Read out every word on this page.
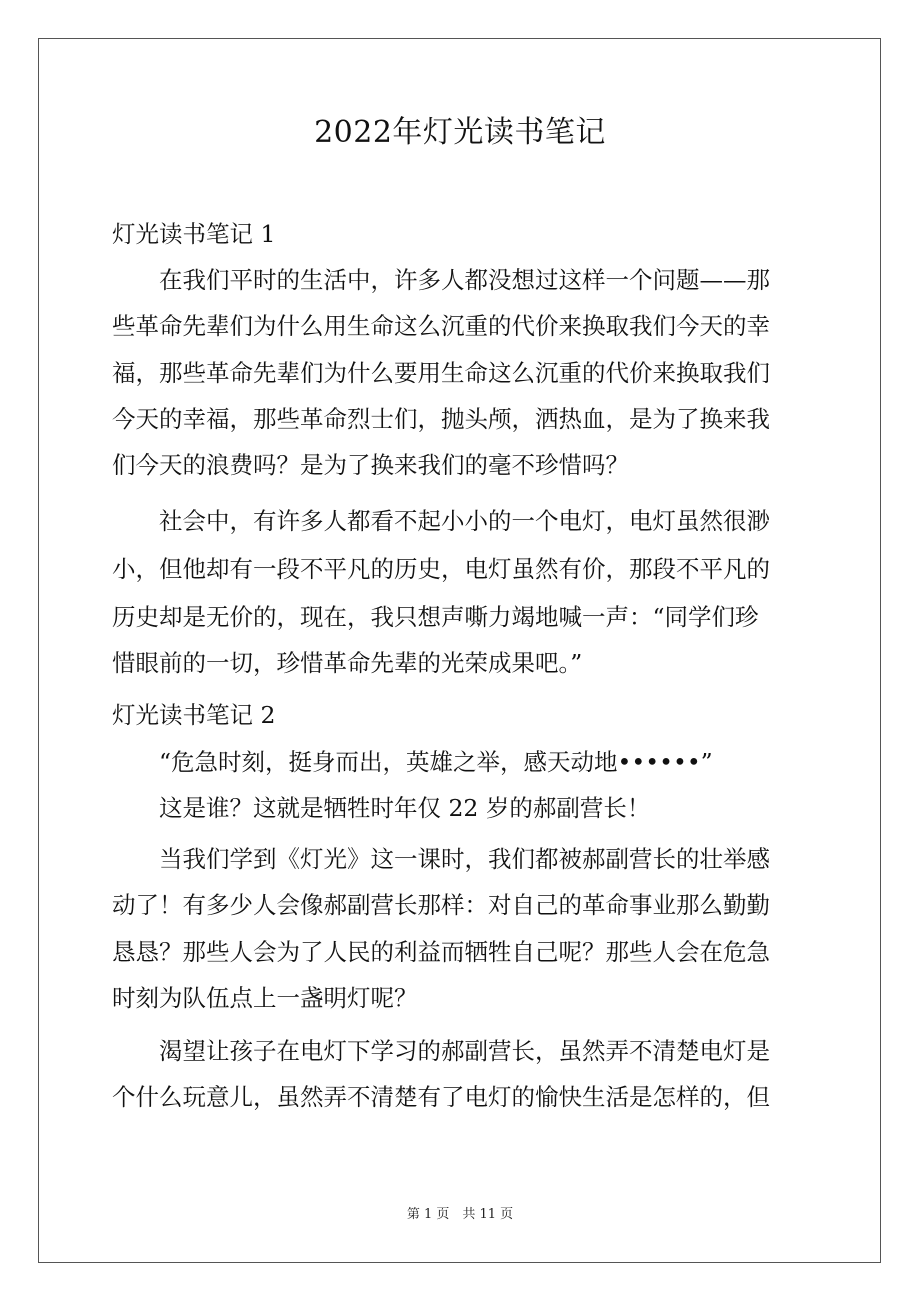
2022年灯光读书笔记
灯光读书笔记 1
　　在我们平时的生活中，许多人都没想过这样一个问题——那
些革命先辈们为什么用生命这么沉重的代价来换取我们今天的幸
福，那些革命先辈们为什么要用生命这么沉重的代价来换取我们
今天的幸福，那些革命烈士们，抛头颅，洒热血，是为了换来我
们今天的浪费吗？是为了换来我们的毫不珍惜吗？
　　社会中，有许多人都看不起小小的一个电灯，电灯虽然很渺
小，但他却有一段不平凡的历史，电灯虽然有价，那段不平凡的
历史却是无价的，现在，我只想声嘶力竭地喊一声：“同学们珍
惜眼前的一切，珍惜革命先辈的光荣成果吧。”
灯光读书笔记 2
　　“危急时刻，挺身而出，英雄之举，感天动地••••••”
　　这是谁？这就是牺牲时年仅 22 岁的郝副营长！
　　当我们学到《灯光》这一课时，我们都被郝副营长的壮举感
动了！有多少人会像郝副营长那样：对自己的革命事业那么勤勤
恳恳？那些人会为了人民的利益而牺牲自己呢？那些人会在危急
时刻为队伍点上一盏明灯呢？
　　渴望让孩子在电灯下学习的郝副营长，虽然弄不清楚电灯是
个什么玩意儿，虽然弄不清楚有了电灯的愉快生活是怎样的，但
第 1 页　共 11 页
